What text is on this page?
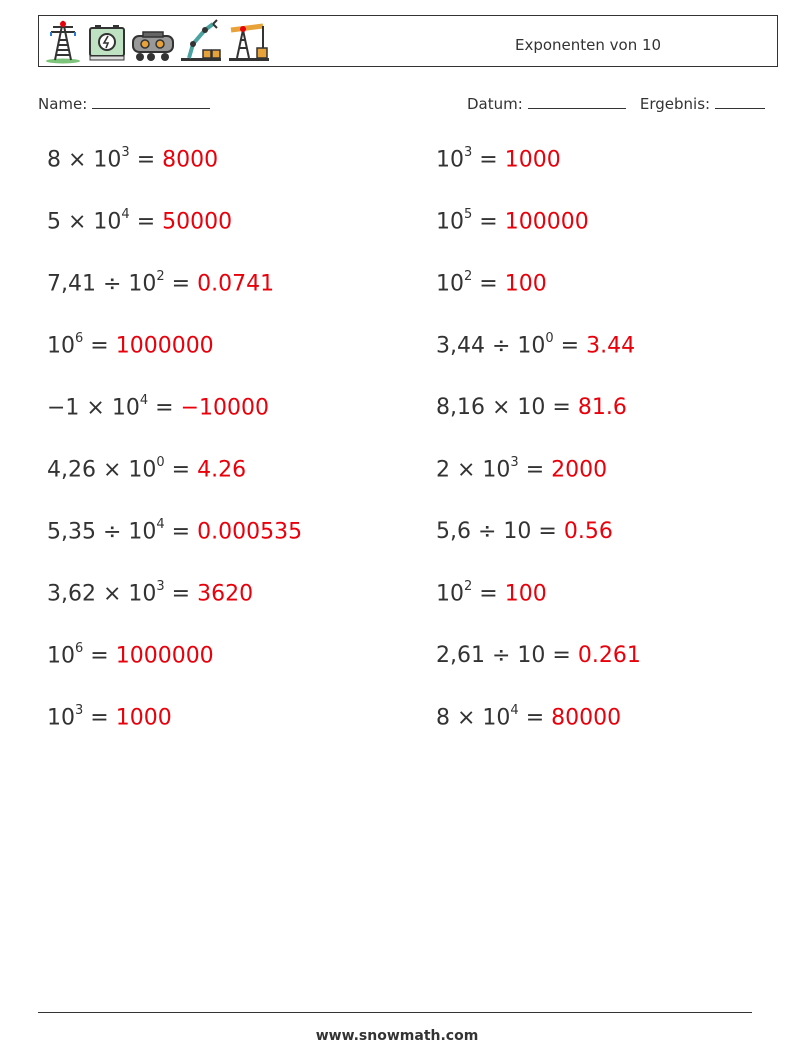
Exponenten von 10
Name:	Datum:	Ergebnis:
$8 \times 10^3 = 8000$	$10^3 = 1000$
$5 \times 10^4 = 50000$	$10^5 = 100000$
$7,41 \div 10^2 = 0.0741$	$10^2 = 100$
$10^6 = 1000000$	$3,44 \div 10^0 = 3.44$
$-1 \times 10^4 = -10000$	8,16 × 10 = 81.6
$4,26 \times 10^0 = 4.26$	$2 \times 10^3 = 2000$
$5,35 \div 10^4 = 0.000535$	5,6 ÷ 10 = 0.56
$3,62 \times 10^3 = 3620$	$10^2 = 100$
$10^6 = 1000000$	2,61 ÷ 10 = 0.261
$10^3 = 1000$	$8 \times 10^4 = 80000$
www.snowmath.com
